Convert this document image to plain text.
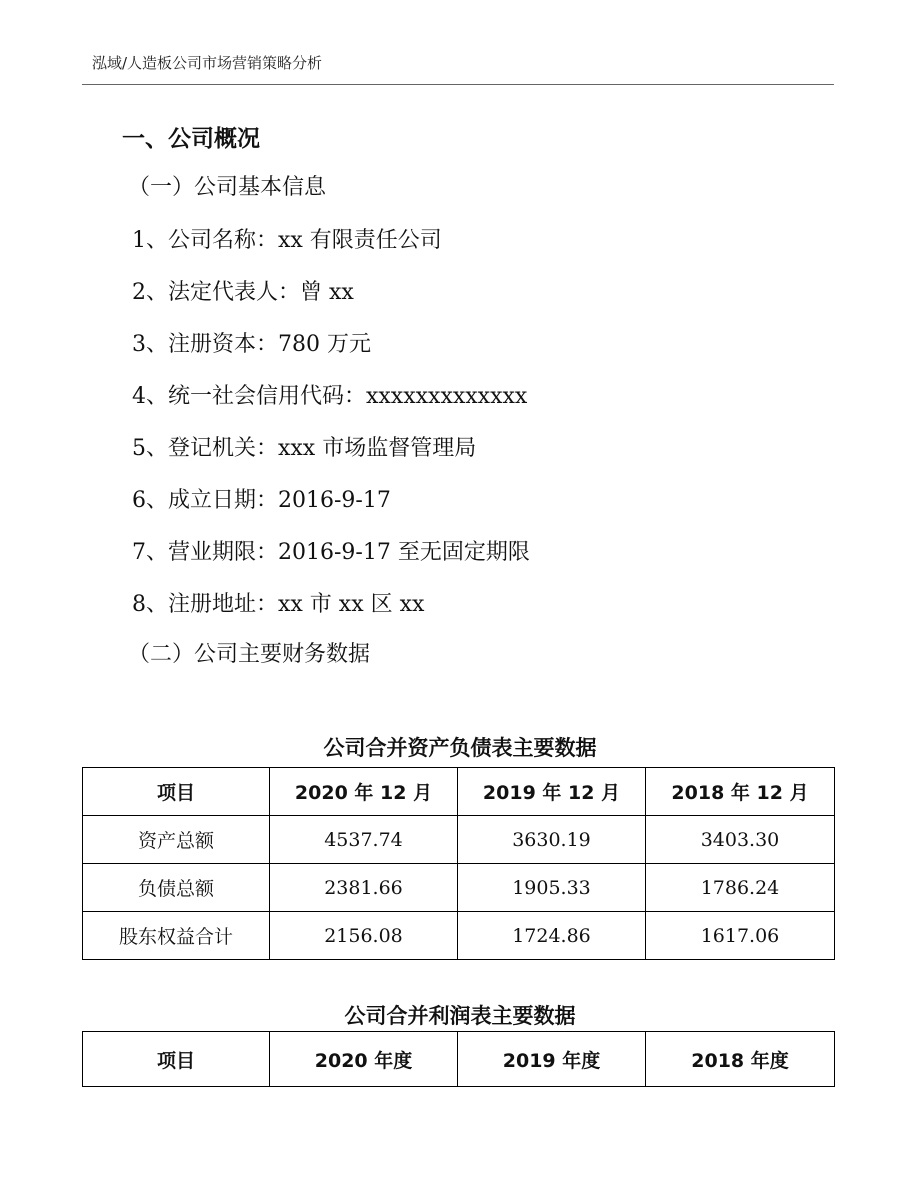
泓域/人造板公司市场营销策略分析
一、公司概况
（一）公司基本信息
1、公司名称：xx 有限责任公司
2、法定代表人：曾 xx
3、注册资本：780 万元
4、统一社会信用代码：xxxxxxxxxxxxx
5、登记机关：xxx 市场监督管理局
6、成立日期：2016-9-17
7、营业期限：2016-9-17 至无固定期限
8、注册地址：xx 市 xx 区 xx
（二）公司主要财务数据
公司合并资产负债表主要数据
项目	2020 年 12 月	2019 年 12 月	2018 年 12 月
资产总额	4537.74	3630.19	3403.30
负债总额	2381.66	1905.33	1786.24
股东权益合计	2156.08	1724.86	1617.06
公司合并利润表主要数据
项目	2020 年度	2019 年度	2018 年度
